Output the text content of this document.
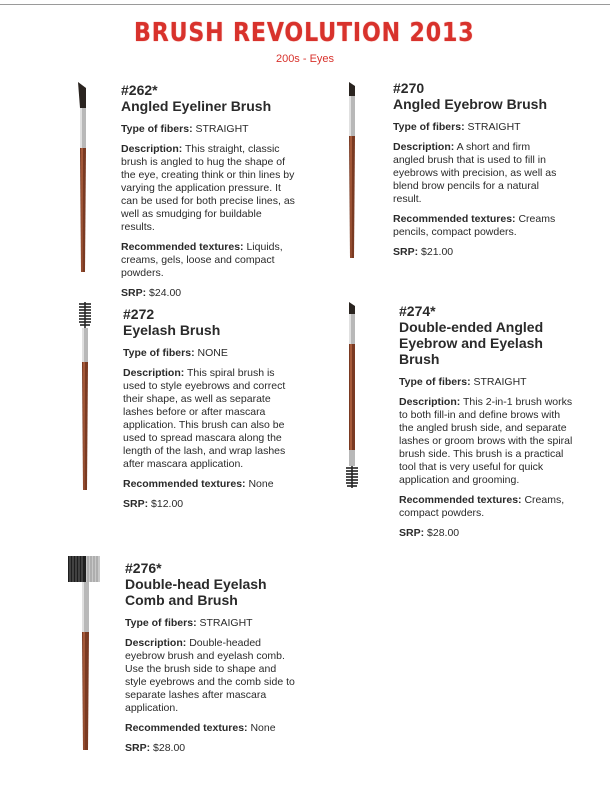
BRUSH REVOLUTION 2013
200s - Eyes
#262*
Angled Eyeliner Brush

Type of fibers: STRAIGHT

Description: This straight, classic brush is angled to hug the shape of the eye, creating think or thin lines by varying the application pressure. It can be used for both precise lines, as well as smudging for buildable results.

Recommended textures: Liquids, creams, gels, loose and compact powders.

SRP: $24.00

#270
Angled Eyebrow Brush

Type of fibers: STRAIGHT

Description: A short and firm angled brush that is used to fill in eyebrows with precision, as well as blend brow pencils for a natural result.

Recommended textures: Creams pencils, compact powders.

SRP: $21.00

#272
Eyelash Brush

Type of fibers: NONE

Description: This spiral brush is used to style eyebrows and correct their shape, as well as separate lashes before or after mascara application. This brush can also be used to spread mascara along the length of the lash, and wrap lashes after mascara application.

Recommended textures: None

SRP: $12.00

#274*
Double-ended Angled Eyebrow and Eyelash Brush

Type of fibers: STRAIGHT

Description: This 2-in-1 brush works to both fill-in and define brows with the angled brush side, and separate lashes or groom brows with the spiral brush side. This brush is a practical tool that is very useful for quick application and grooming.

Recommended textures: Creams, compact powders.

SRP: $28.00

#276*
Double-head Eyelash Comb and Brush

Type of fibers: STRAIGHT

Description: Double-headed eyebrow brush and eyelash comb. Use the brush side to shape and style eyebrows and the comb side to separate lashes after mascara application.

Recommended textures: None

SRP: $28.00
